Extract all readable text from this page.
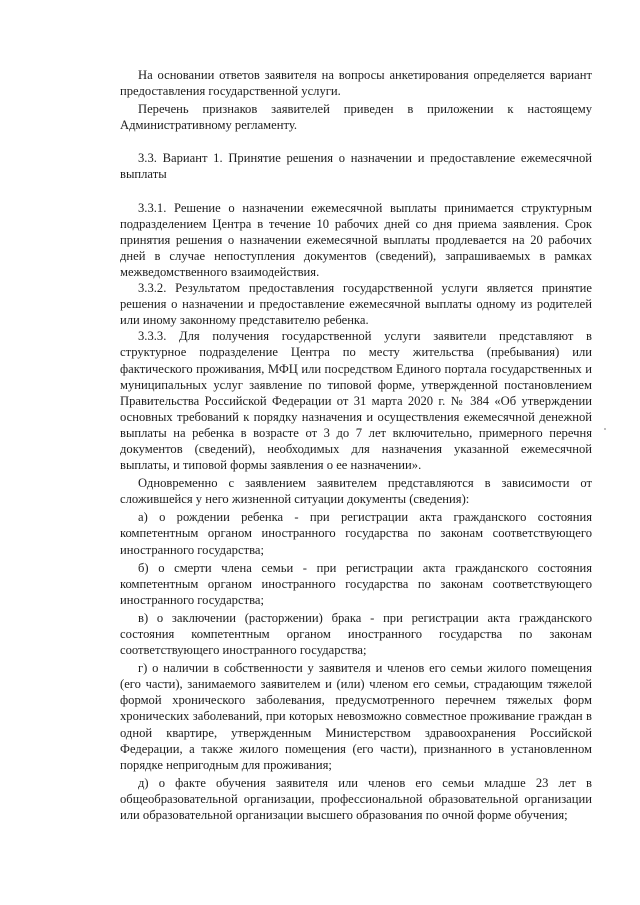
На основании ответов заявителя на вопросы анкетирования определяется вариант предоставления государственной услуги.

Перечень признаков заявителей приведен в приложении к настоящему Административному регламенту.

3.3. Вариант 1. Принятие решения о назначении и предоставление ежемесячной выплаты

3.3.1. Решение о назначении ежемесячной выплаты принимается структурным подразделением Центра в течение 10 рабочих дней со дня приема заявления. Срок принятия решения о назначении ежемесячной выплаты продлевается на 20 рабочих дней в случае непоступления документов (сведений), запрашиваемых в рамках межведомственного взаимодействия.

3.3.2. Результатом предоставления государственной услуги является принятие решения о назначении и предоставление ежемесячной выплаты одному из родителей или иному законному представителю ребенка.

3.3.3. Для получения государственной услуги заявители представляют в структурное подразделение Центра по месту жительства (пребывания) или фактического проживания, МФЦ или посредством Единого портала государственных и муниципальных услуг заявление по типовой форме, утвержденной постановлением Правительства Российской Федерации от 31 марта 2020 г. № 384 «Об утверждении основных требований к порядку назначения и осуществления ежемесячной денежной выплаты на ребенка в возрасте от 3 до 7 лет включительно, примерного перечня документов (сведений), необходимых для назначения указанной ежемесячной выплаты, и типовой формы заявления о ее назначении».

Одновременно с заявлением заявителем представляются в зависимости от сложившейся у него жизненной ситуации документы (сведения):

а) о рождении ребенка - при регистрации акта гражданского состояния компетентным органом иностранного государства по законам соответствующего иностранного государства;

б) о смерти члена семьи - при регистрации акта гражданского состояния компетентным органом иностранного государства по законам соответствующего иностранного государства;

в) о заключении (расторжении) брака - при регистрации акта гражданского состояния компетентным органом иностранного государства по законам соответствующего иностранного государства;

г) о наличии в собственности у заявителя и членов его семьи жилого помещения (его части), занимаемого заявителем и (или) членом его семьи, страдающим тяжелой формой хронического заболевания, предусмотренного перечнем тяжелых форм хронических заболеваний, при которых невозможно совместное проживание граждан в одной квартире, утвержденным Министерством здравоохранения Российской Федерации, а также жилого помещения (его части), признанного в установленном порядке непригодным для проживания;

д) о факте обучения заявителя или членов его семьи младше 23 лет в общеобразовательной организации, профессиональной образовательной организации или образовательной организации высшего образования по очной форме обучения;
